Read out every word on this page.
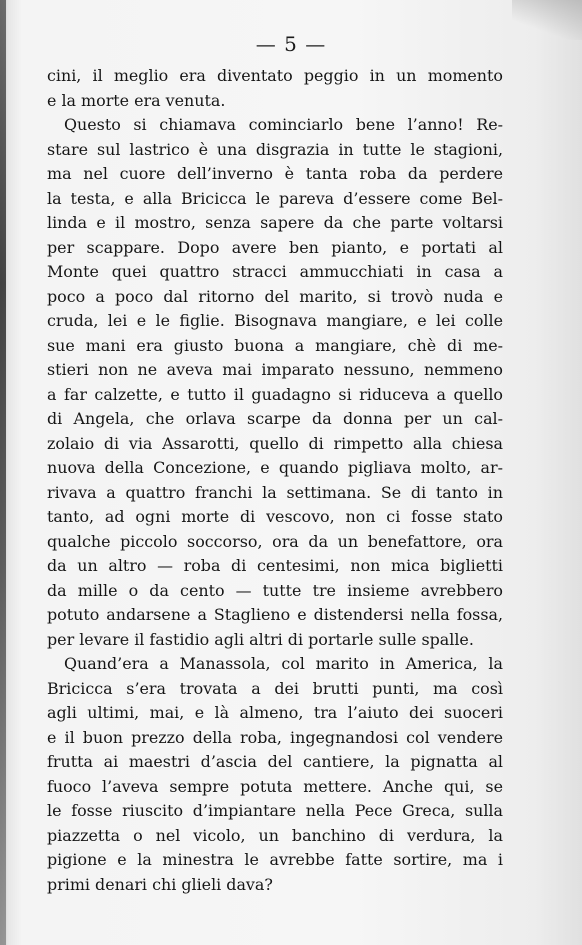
— 5 —
cini, il meglio era diventato peggio in un momento
e la morte era venuta.
Questo si chiamava cominciarlo bene l’anno! Re-
stare sul lastrico è una disgrazia in tutte le stagioni,
ma nel cuore dell’inverno è tanta roba da perdere
la testa, e alla Bricicca le pareva d’essere come Bel-
linda e il mostro, senza sapere da che parte voltarsi
per scappare. Dopo avere ben pianto, e portati al
Monte quei quattro stracci ammucchiati in casa a
poco a poco dal ritorno del marito, si trovò nuda e
cruda, lei e le figlie. Bisognava mangiare, e lei colle
sue mani era giusto buona a mangiare, chè di me-
stieri non ne aveva mai imparato nessuno, nemmeno
a far calzette, e tutto il guadagno si riduceva a quello
di Angela, che orlava scarpe da donna per un cal-
zolaio di via Assarotti, quello di rimpetto alla chiesa
nuova della Concezione, e quando pigliava molto, ar-
rivava a quattro franchi la settimana. Se di tanto in
tanto, ad ogni morte di vescovo, non ci fosse stato
qualche piccolo soccorso, ora da un benefattore, ora
da un altro — roba di centesimi, non mica biglietti
da mille o da cento — tutte tre insieme avrebbero
potuto andarsene a Staglieno e distendersi nella fossa,
per levare il fastidio agli altri di portarle sulle spalle.
Quand’era a Manassola, col marito in America, la
Bricicca s’era trovata a dei brutti punti, ma così
agli ultimi, mai, e là almeno, tra l’aiuto dei suoceri
e il buon prezzo della roba, ingegnandosi col vendere
frutta ai maestri d’ascia del cantiere, la pignatta al
fuoco l’aveva sempre potuta mettere. Anche qui, se
le fosse riuscito d’impiantare nella Pece Greca, sulla
piazzetta o nel vicolo, un banchino di verdura, la
pigione e la minestra le avrebbe fatte sortire, ma i
primi denari chi glieli dava?
